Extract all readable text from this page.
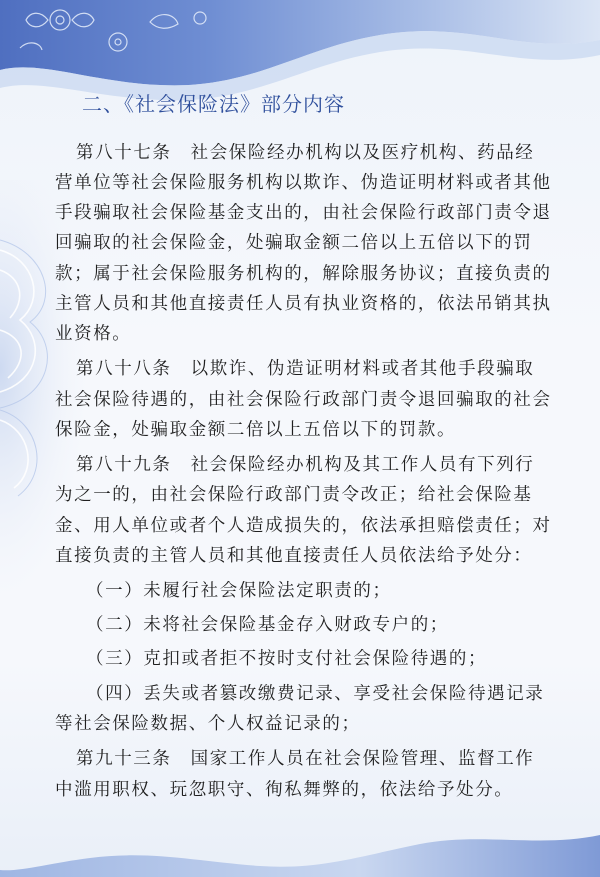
二、《社会保险法》部分内容
第八十七条　社会保险经办机构以及医疗机构、药品经
营单位等社会保险服务机构以欺诈、伪造证明材料或者其他
手段骗取社会保险基金支出的，由社会保险行政部门责令退
回骗取的社会保险金，处骗取金额二倍以上五倍以下的罚
款；属于社会保险服务机构的，解除服务协议；直接负责的
主管人员和其他直接责任人员有执业资格的，依法吊销其执
业资格。
第八十八条　以欺诈、伪造证明材料或者其他手段骗取
社会保险待遇的，由社会保险行政部门责令退回骗取的社会
保险金，处骗取金额二倍以上五倍以下的罚款。
第八十九条　社会保险经办机构及其工作人员有下列行
为之一的，由社会保险行政部门责令改正；给社会保险基
金、用人单位或者个人造成损失的，依法承担赔偿责任；对
直接负责的主管人员和其他直接责任人员依法给予处分：
（一）未履行社会保险法定职责的；
（二）未将社会保险基金存入财政专户的；
（三）克扣或者拒不按时支付社会保险待遇的；
（四）丢失或者篡改缴费记录、享受社会保险待遇记录
等社会保险数据、个人权益记录的；
第九十三条　国家工作人员在社会保险管理、监督工作
中滥用职权、玩忽职守、徇私舞弊的，依法给予处分。
